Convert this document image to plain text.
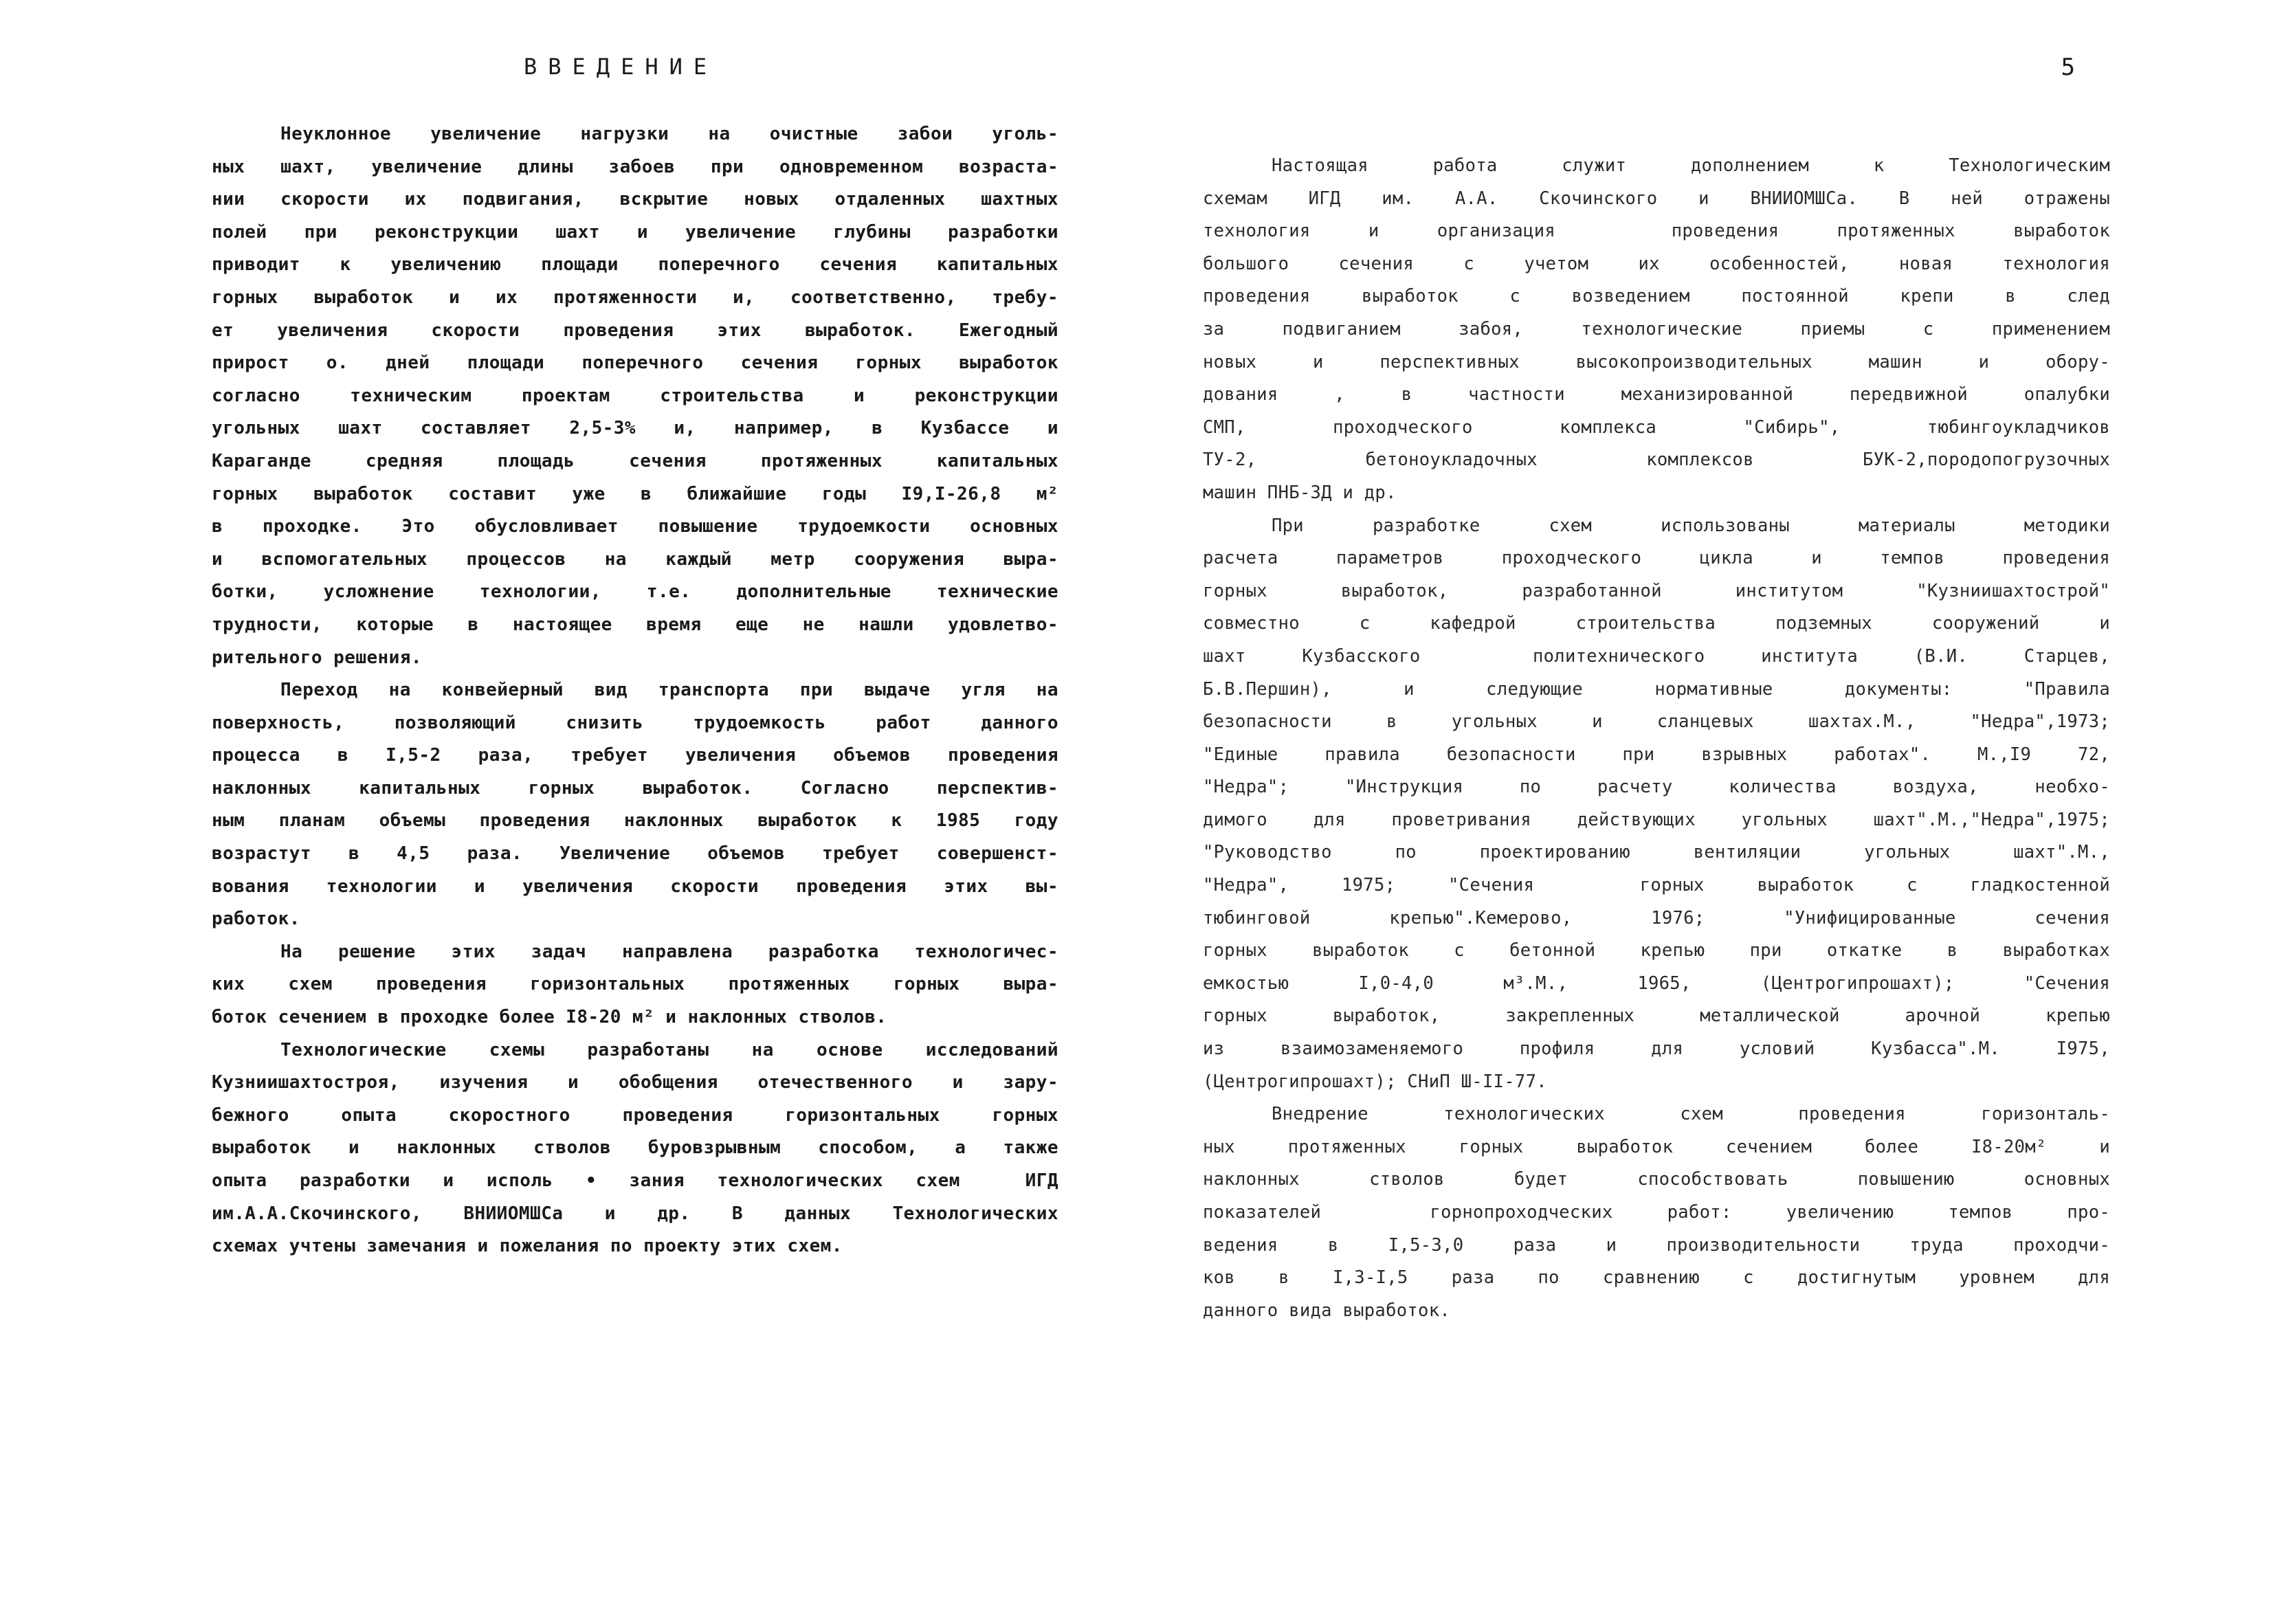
ВВЕДЕНИЕ
Неуклонное увеличение нагрузки на очистные забои уголь-
ных шахт, увеличение длины забоев при одновременном возраста-
нии скорости их подвигания, вскрытие новых отдаленных шахтных
полей при реконструкции шахт и увеличение глубины разработки
приводит к увеличению площади поперечного сечения капитальных
горных выработок и их протяженности и, соответственно, требу-
ет увеличения скорости проведения этих выработок. Ежегодный
прирост о. дней площади поперечного сечения горных выработок
согласно техническим проектам строительства и реконструкции
угольных шахт составляет 2,5-3% и, например, в Кузбассе и
Караганде средняя площадь сечения протяженных капитальных
горных выработок составит уже в ближайшие годы I9,I-26,8 м²
в проходке. Это обусловливает повышение трудоемкости основных
и вспомогательных процессов на каждый метр сооружения выра-
ботки, усложнение технологии, т.е. дополнительные технические
трудности, которые в настоящее время еще не нашли удовлетво-
рительного решения.
Переход на конвейерный вид транспорта при выдаче угля на
поверхность, позволяющий снизить трудоемкость работ данного
процесса в I,5-2 раза, требует увеличения объемов проведения
наклонных капитальных горных выработок. Согласно перспектив-
ным планам объемы проведения наклонных выработок к 1985 году
возрастут в 4,5 раза. Увеличение объемов требует совершенст-
вования технологии и увеличения скорости проведения этих вы-
работок.
На решение этих задач направлена разработка технологичес-
ких схем проведения горизонтальных протяженных горных выра-
боток сечением в проходке более I8-20 м² и наклонных стволов.
Технологические схемы разработаны на основе исследований
Кузниишахтостроя, изучения и обобщения отечественного и зару-
бежного опыта скоростного проведения горизонтальных горных
выработок и наклонных стволов буровзрывным способом, а также
опыта разработки и исполь • зания технологических схем  ИГД
им.А.А.Скочинского, ВНИИОМШСа и др. В данных Технологических
схемах учтены замечания и пожелания по проекту этих схем.
5
Настоящая работа служит дополнением к Технологическим
схемам ИГД им. А.А. Скочинского и ВНИИОМШСа. В ней отражены
технология и организация  проведения протяженных выработок
большого сечения с учетом их особенностей, новая технология
проведения выработок с возведением постоянной крепи в след
за подвиганием забоя, технологические приемы с применением
новых и перспективных высокопроизводительных машин и обору-
дования , в частности механизированной передвижной опалубки
СМП, проходческого комплекса "Сибирь", тюбингоукладчиков
ТУ-2, бетоноукладочных комплексов БУК-2,породопогрузочных
машин ПНБ-3Д и др.
При разработке схем использованы материалы методики
расчета параметров проходческого цикла и темпов проведения
горных выработок, разработанной институтом "Кузниишахтострой"
совместно с кафедрой строительства подземных сооружений и
шахт Кузбасского  политехнического института (В.И. Старцев,
Б.В.Першин), и следующие нормативные документы: "Правила
безопасности в угольных и сланцевых шахтах.М., "Недра",1973;
"Единые правила безопасности при взрывных работах". М.,I9 72,
"Недра"; "Инструкция по расчету количества воздуха, необхо-
димого для проветривания действующих угольных шахт".М.,"Недра",1975;
"Руководство по проектированию вентиляции угольных шахт".М.,
"Недра", 1975; "Сечения  горных выработок с гладкостенной
тюбинговой крепью".Кемерово, 1976; "Унифицированные сечения
горных выработок с бетонной крепью при откатке в выработках
емкостью I,0-4,0 м³.М., 1965, (Центрогипрошахт); "Сечения
горных выработок, закрепленных металлической арочной крепью
из взаимозаменяемого профиля для условий Кузбасса".М. I975,
(Центрогипрошахт); СНиП Ш-II-77.
Внедрение технологических схем проведения горизонталь-
ных протяженных горных выработок сечением более I8-20м² и
наклонных стволов будет способствовать повышению основных
показателей  горнопроходческих работ: увеличению темпов про-
ведения в I,5-3,0 раза и производительности труда проходчи-
ков в I,3-I,5 раза по сравнению с достигнутым уровнем для
данного вида выработок.
